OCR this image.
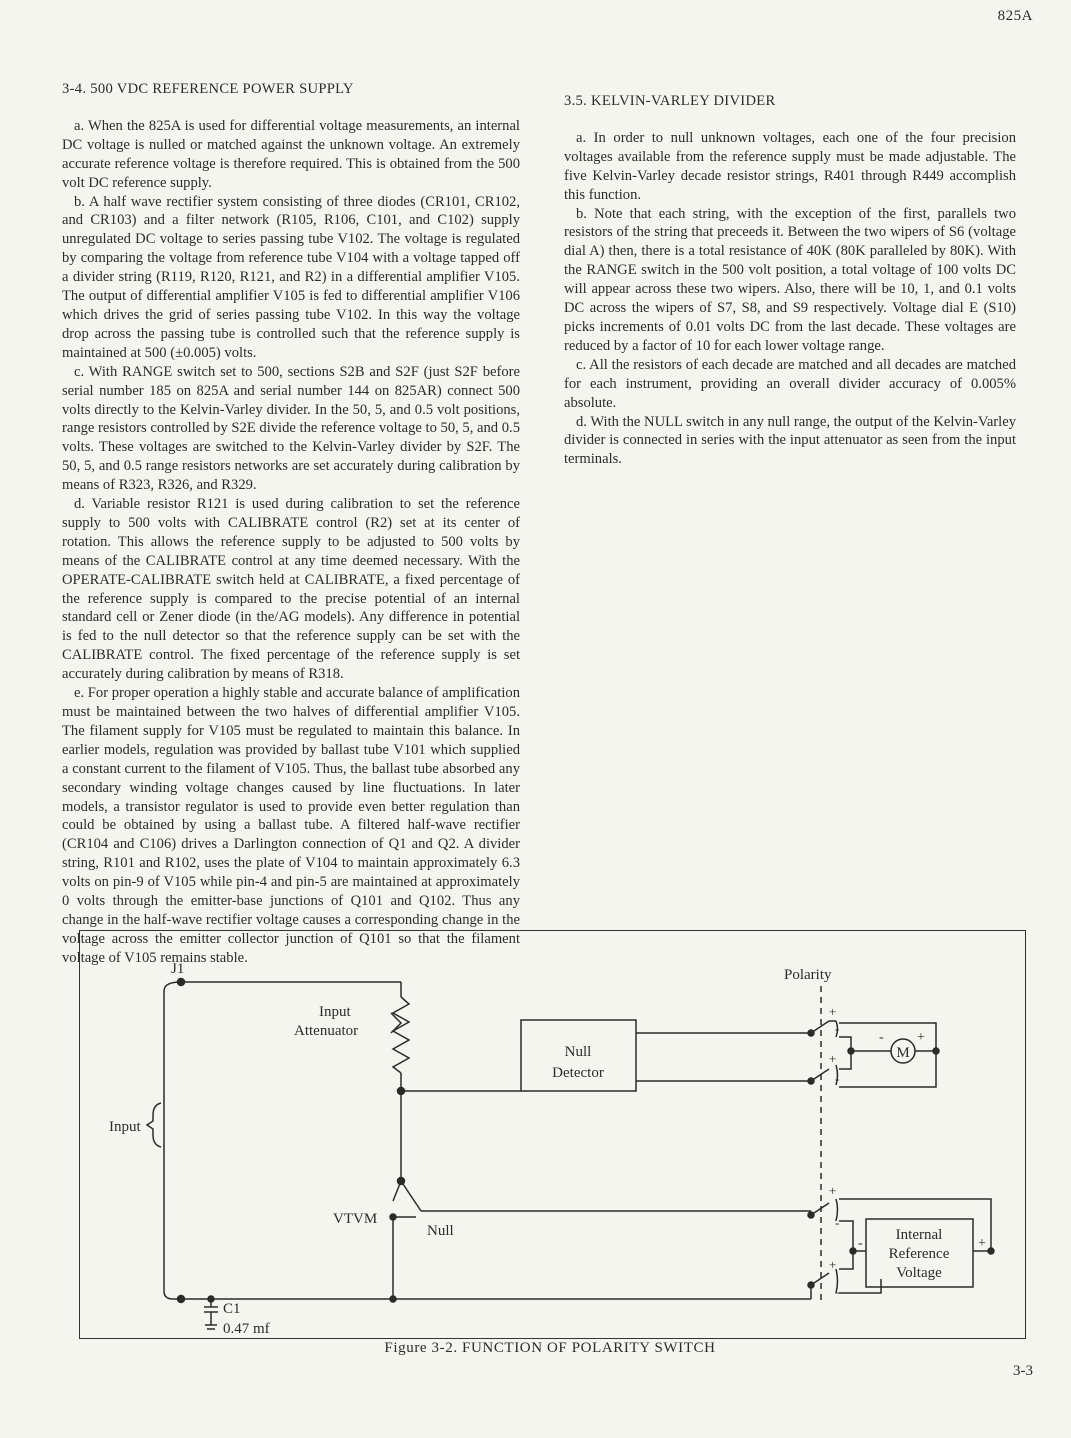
825A

3-4. 500 VDC REFERENCE POWER SUPPLY

a. When the 825A is used for differential voltage measurements, an internal DC voltage is nulled or matched against the unknown voltage. An extremely accurate reference voltage is therefore required. This is obtained from the 500 volt DC reference supply.

b. A half wave rectifier system consisting of three diodes (CR101, CR102, and CR103) and a filter network (R105, R106, C101, and C102) supply unregulated DC voltage to series passing tube V102. The voltage is regulated by comparing the voltage from reference tube V104 with a voltage tapped off a divider string (R119, R120, R121, and R2) in a differential amplifier V105. The output of differential amplifier V105 is fed to differential amplifier V106 which drives the grid of series passing tube V102. In this way the voltage drop across the passing tube is controlled such that the reference supply is maintained at 500 (±0.005) volts.

c. With RANGE switch set to 500, sections S2B and S2F (just S2F before serial number 185 on 825A and serial number 144 on 825AR) connect 500 volts directly to the Kelvin-Varley divider. In the 50, 5, and 0.5 volt positions, range resistors controlled by S2E divide the reference voltage to 50, 5, and 0.5 volts. These voltages are switched to the Kelvin-Varley divider by S2F. The 50, 5, and 0.5 range resistors networks are set accurately during calibration by means of R323, R326, and R329.

d. Variable resistor R121 is used during calibration to set the reference supply to 500 volts with CALIBRATE control (R2) set at its center of rotation. This allows the reference supply to be adjusted to 500 volts by means of the CALIBRATE control at any time deemed necessary. With the OPERATE-CALIBRATE switch held at CALIBRATE, a fixed percentage of the reference supply is compared to the precise potential of an internal standard cell or Zener diode (in the/AG models). Any difference in potential is fed to the null detector so that the reference supply can be set with the CALIBRATE control. The fixed percentage of the reference supply is set accurately during calibration by means of R318.

e. For proper operation a highly stable and accurate balance of amplification must be maintained between the two halves of differential amplifier V105. The filament supply for V105 must be regulated to maintain this balance. In earlier models, regulation was provided by ballast tube V101 which supplied a constant current to the filament of V105. Thus, the ballast tube absorbed any secondary winding voltage changes caused by line fluctuations. In later models, a transistor regulator is used to provide even better regulation than could be obtained by using a ballast tube. A filtered half-wave rectifier (CR104 and C106) drives a Darlington connection of Q1 and Q2. A divider string, R101 and R102, uses the plate of V104 to maintain approximately 6.3 volts on pin-9 of V105 while pin-4 and pin-5 are maintained at approximately 0 volts through the emitter-base junctions of Q101 and Q102. Thus any change in the half-wave rectifier voltage causes a corresponding change in the voltage across the emitter collector junction of Q101 so that the filament voltage of V105 remains stable.

3.5. KELVIN-VARLEY DIVIDER

a. In order to null unknown voltages, each one of the four precision voltages available from the reference supply must be made adjustable. The five Kelvin-Varley decade resistor strings, R401 through R449 accomplish this function.

b. Note that each string, with the exception of the first, parallels two resistors of the string that preceeds it. Between the two wipers of S6 (voltage dial A) then, there is a total resistance of 40K (80K paralleled by 80K). With the RANGE switch in the 500 volt position, a total voltage of 100 volts DC will appear across these two wipers. Also, there will be 10, 1, and 0.1 volts DC across the wipers of S7, S8, and S9 respectively. Voltage dial E (S10) picks increments of 0.01 volts DC from the last decade. These voltages are reduced by a factor of 10 for each lower voltage range.

c. All the resistors of each decade are matched and all decades are matched for each instrument, providing an overall divider accuracy of 0.005% absolute.

d. With the NULL switch in any null range, the output of the Kelvin-Varley divider is connected in series with the input attenuator as seen from the input terminals.

J1
Input
Input
Attenuator
Null
Detector
Polarity
+
-
+
-
M
- +
VTVM
Null
+
-
+
-
-	+
Internal
Reference
Voltage
C1
0.47 mf
Figure 3-2. FUNCTION OF POLARITY SWITCH
3-3
